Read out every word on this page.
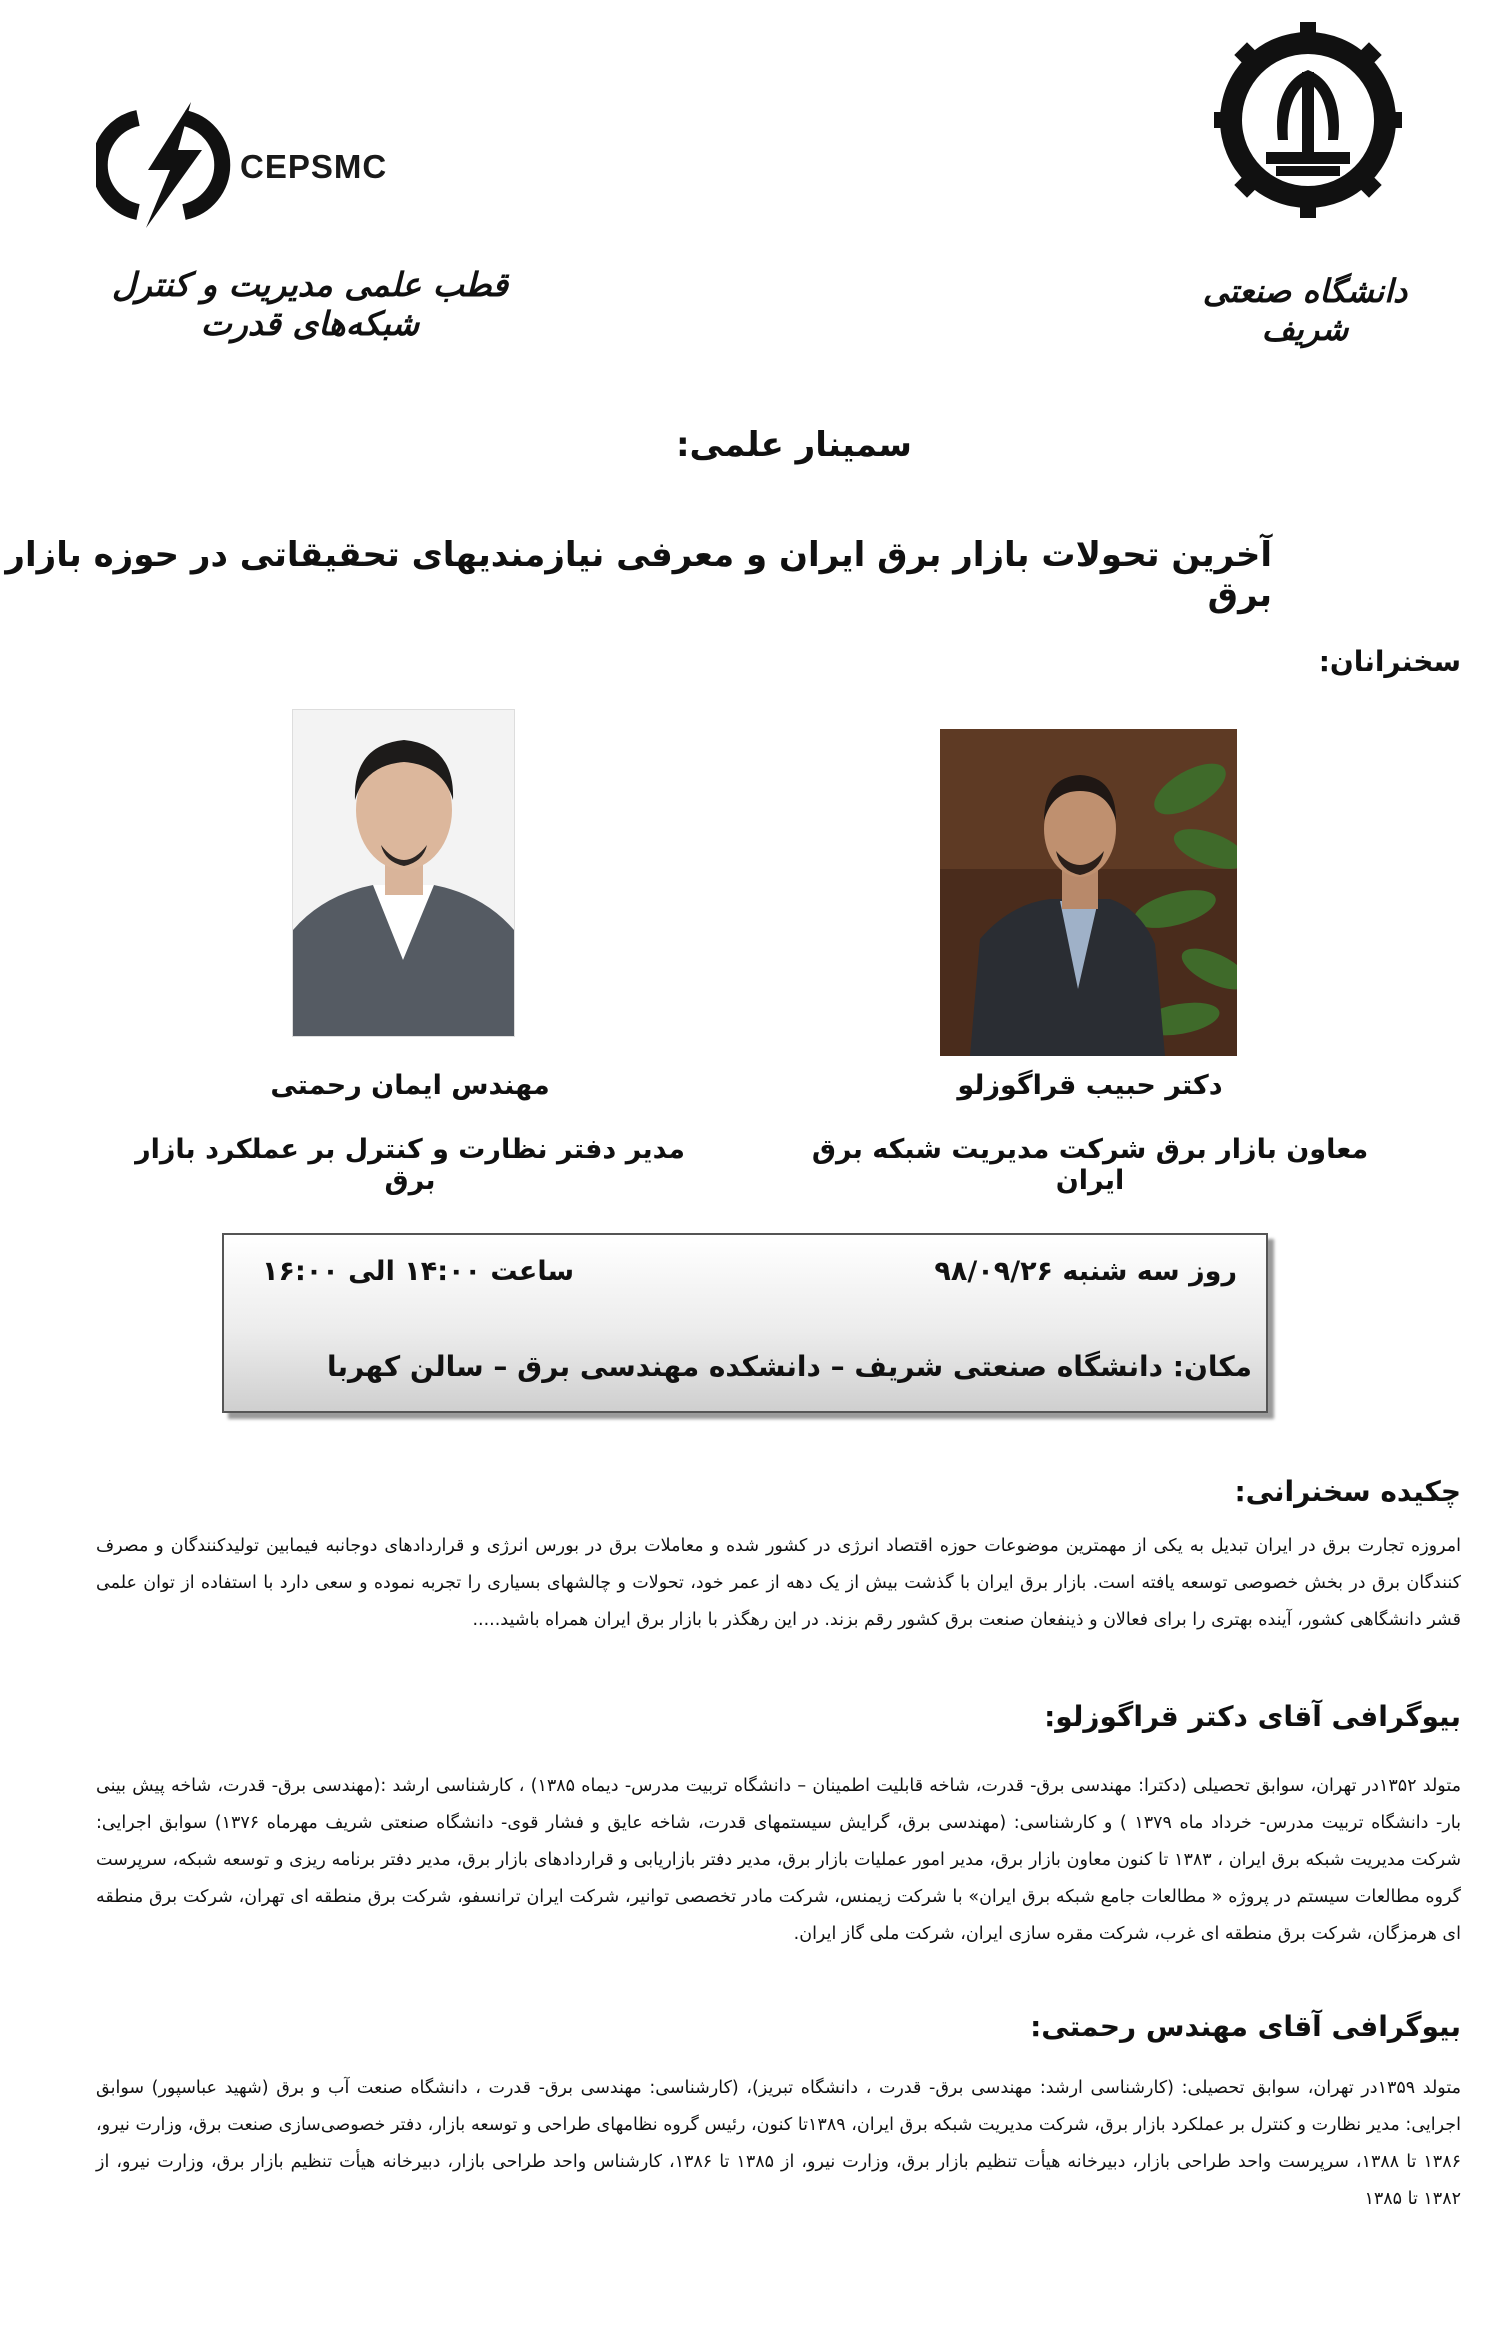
CEPSMC
قطب علمی مدیریت و کنترل شبکه‌های قدرت
دانشگاه صنعتی شریف
سمینار علمی:
آخرین تحولات بازار برق ایران و معرفی نیازمندیهای تحقیقاتی در حوزه بازار برق
سخنرانان:
دکتر حبیب قراگوزلو
معاون بازار برق شرکت مدیریت شبکه برق ایران
مهندس ایمان رحمتی
مدیر دفتر نظارت و کنترل بر عملکرد بازار برق
روز سه شنبه ۹۸/۰۹/۲۶
ساعت ۱۴:۰۰ الی ۱۶:۰۰
مکان: دانشگاه صنعتی شریف – دانشکده مهندسی برق – سالن کهربا
چکیده سخنرانی:
امروزه تجارت برق در ایران تبدیل به یکی از مهمترین موضوعات حوزه اقتصاد انرژی در کشور شده و معاملات برق در بورس انرژی و قراردادهای دوجانبه فیمابین تولیدکنندگان و مصرف کنندگان برق در بخش خصوصی توسعه یافته است. بازار برق ایران با گذشت بیش از یک دهه از عمر خود، تحولات و چالشهای بسیاری را تجربه نموده و سعی دارد با استفاده از توان علمی قشر دانشگاهی کشور، آینده بهتری را برای فعالان و ذینفعان صنعت برق کشور رقم بزند. در این رهگذر با بازار برق ایران همراه باشید.....
بیوگرافی آقای دکتر قراگوزلو:
متولد ۱۳۵۲در تهران، سوابق تحصیلی (دکترا: مهندسی برق- قدرت، شاخه قابلیت اطمینان – دانشگاه تربیت مدرس- دیماه ۱۳۸۵) ، کارشناسی ارشد :(مهندسی برق- قدرت، شاخه پیش بینی بار- دانشگاه تربیت مدرس- خرداد ماه ۱۳۷۹ ) و کارشناسی: (مهندسی برق، گرایش سیستمهای قدرت، شاخه عایق و فشار قوی- دانشگاه صنعتی شریف مهرماه ۱۳۷۶) سوابق اجرایی: شرکت مدیریت شبکه برق ایران ، ۱۳۸۳ تا کنون معاون بازار برق، مدیر امور عملیات بازار برق، مدیر دفتر بازاریابی و قراردادهای بازار برق، مدیر دفتر برنامه ریزی و توسعه شبکه، سرپرست گروه مطالعات سیستم در پروژه « مطالعات جامع شبکه برق ایران» با شرکت زیمنس، شرکت مادر تخصصی توانیر، شرکت ایران ترانسفو، شرکت برق منطقه ای تهران، شرکت برق منطقه ای هرمزگان، شرکت برق منطقه ای غرب، شرکت مقره سازی ایران، شرکت ملی گاز ایران.
بیوگرافی آقای مهندس رحمتی:
متولد ۱۳۵۹در تهران، سوابق تحصیلی: (کارشناسی ارشد: مهندسی برق- قدرت ، دانشگاه تبریز)، (کارشناسی: مهندسی برق- قدرت ، دانشگاه صنعت آب و برق (شهید عباسپور) سوابق اجرایی: مدیر نظارت و کنترل بر عملکرد بازار برق، شرکت مدیریت شبکه برق ایران، ۱۳۸۹تا کنون، رئیس گروه نظامهای طراحی و توسعه بازار، دفتر خصوصی‌سازی صنعت برق، وزارت نیرو، ۱۳۸۶ تا ۱۳۸۸، سرپرست واحد طراحی بازار، دبیرخانه هیأت تنظیم بازار برق، وزارت نیرو، از ۱۳۸۵ تا ۱۳۸۶، کارشناس واحد طراحی بازار، دبیرخانه هیأت تنظیم بازار برق، وزارت نیرو، از ۱۳۸۲ تا ۱۳۸۵
